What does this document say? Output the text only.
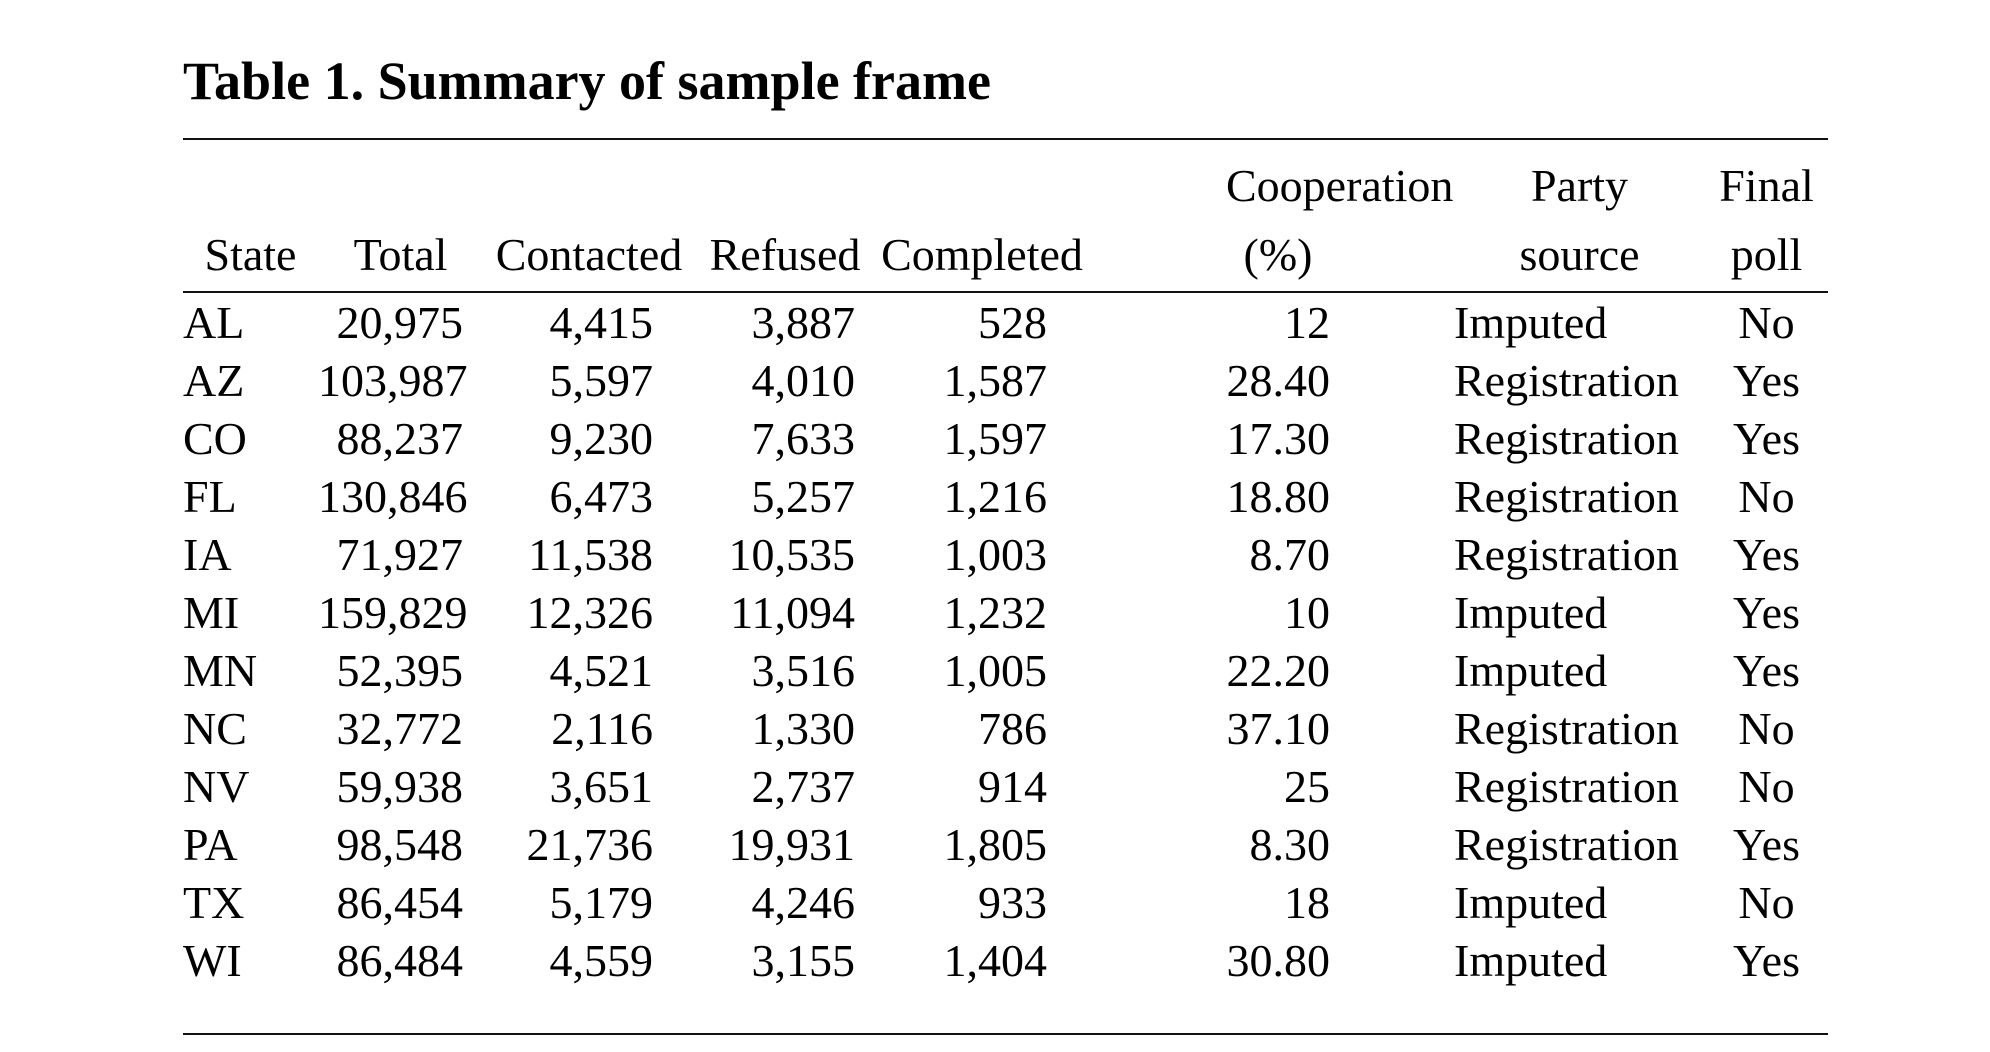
Table 1. Summary of sample frame
					Cooperation	Party	Final
State	Total	Contacted	Refused	Completed	(%)	source	poll
AL	20,975	4,415	3,887	528	12	Imputed	No
AZ	103,987	5,597	4,010	1,587	28.40	Registration	Yes
CO	88,237	9,230	7,633	1,597	17.30	Registration	Yes
FL	130,846	6,473	5,257	1,216	18.80	Registration	No
IA	71,927	11,538	10,535	1,003	8.70	Registration	Yes
MI	159,829	12,326	11,094	1,232	10	Imputed	Yes
MN	52,395	4,521	3,516	1,005	22.20	Imputed	Yes
NC	32,772	2,116	1,330	786	37.10	Registration	No
NV	59,938	3,651	2,737	914	25	Registration	No
PA	98,548	21,736	19,931	1,805	8.30	Registration	Yes
TX	86,454	5,179	4,246	933	18	Imputed	No
WI	86,484	4,559	3,155	1,404	30.80	Imputed	Yes
